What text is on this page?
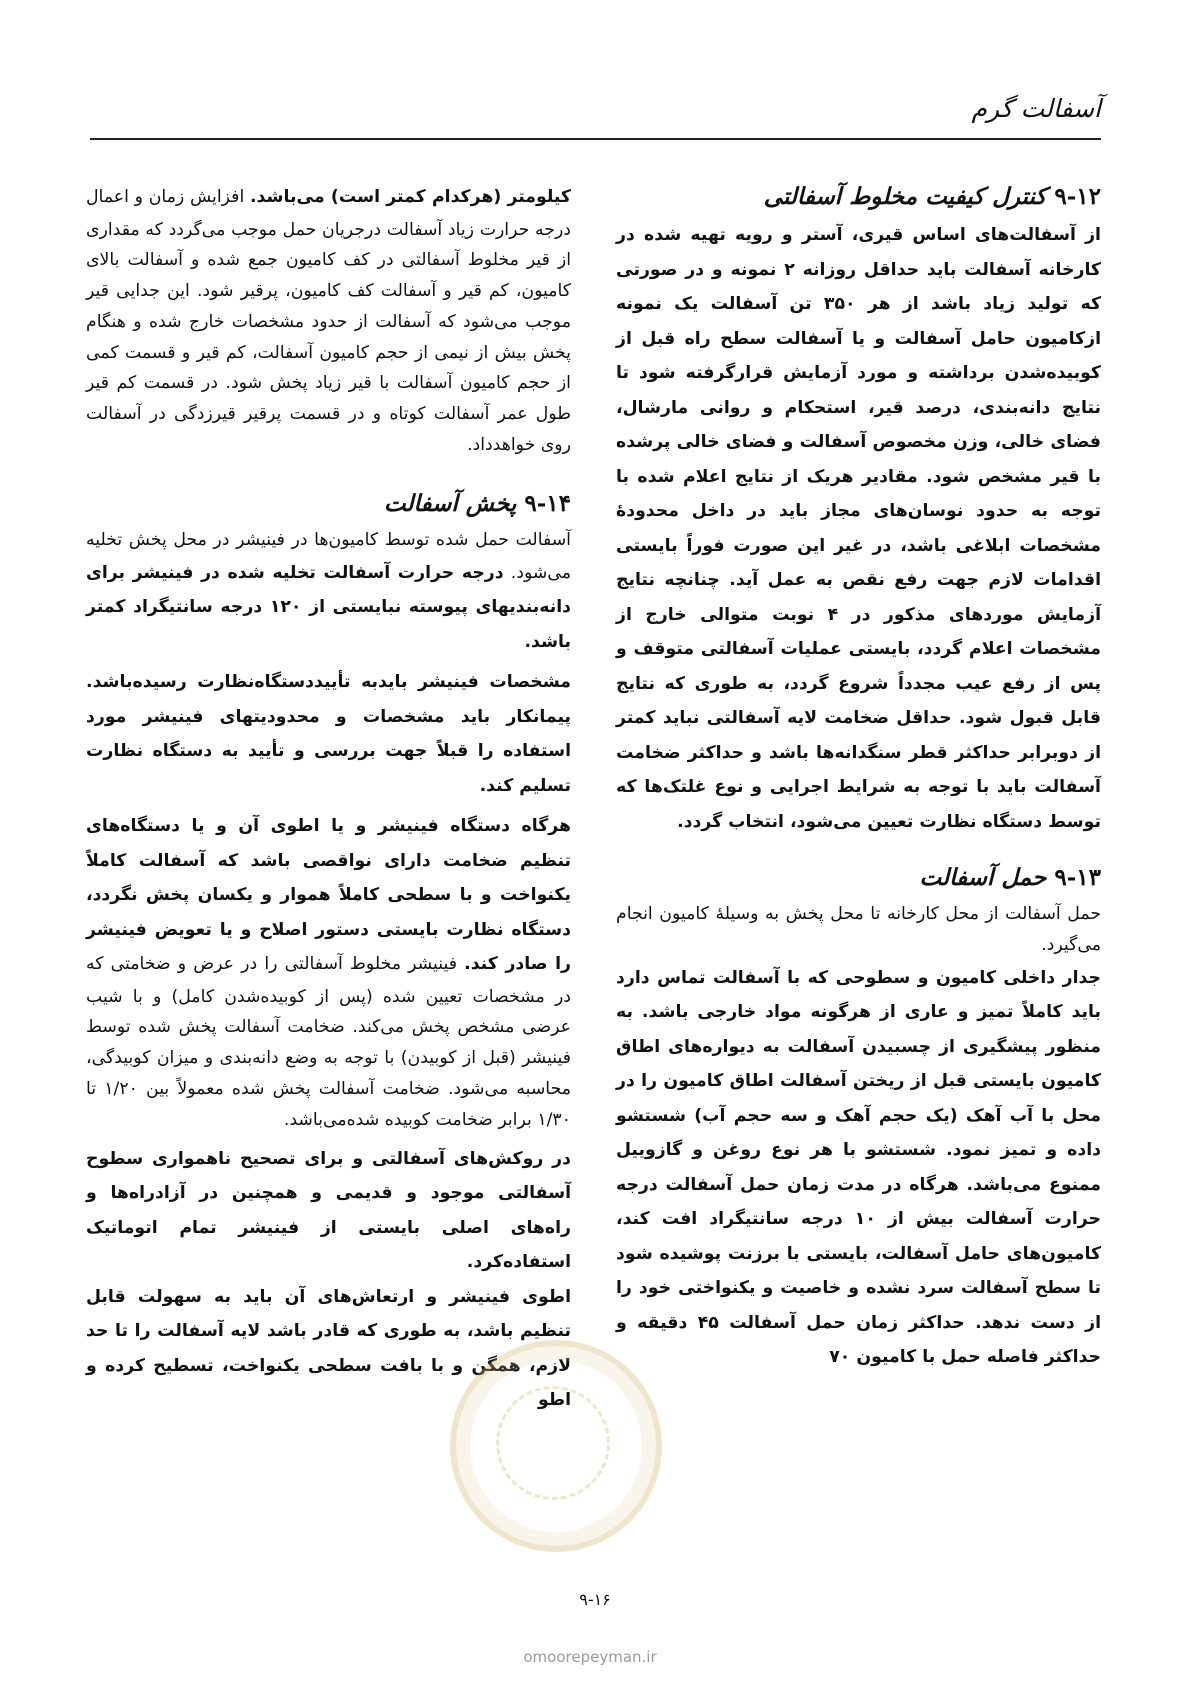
آسفالت گرم
۹-۱۲ کنترل کیفیت مخلوط آسفالتی

از آسفالت‌های اساس قیری، آستر و رویه تهیه شده در کارخانه آسفالت باید حداقل روزانه ۲ نمونه و در صورتی که تولید زیاد باشد از هر ۳۵۰ تن آسفالت یک نمونه ازکامیون حامل آسفالت و یا آسفالت سطح راه قبل از کوبیده‌شدن برداشته و مورد آزمایش قرارگرفته شود تا نتایج دانه‌بندی، درصد قیر، استحکام و روانی مارشال، فضای خالی، وزن مخصوص آسفالت و فضای خالی پرشده با قیر مشخص شود. مقادیر هریک از نتایج اعلام شده با توجه به حدود نوسان‌های مجاز باید در داخل محدودهٔ مشخصات ابلاغی باشد، در غیر این صورت فوراً بایستی اقدامات لازم جهت رفع نقص به عمل آید. چنانچه نتایج آزمایش موردهای مذکور در ۴ نوبت متوالی خارج از مشخصات اعلام گردد، بایستی عملیات آسفالتی متوقف و پس از رفع عیب مجدداً شروع گردد، به طوری که نتایج قابل قبول شود. حداقل ضخامت لایه آسفالتی نباید کمتر از دوبرابر حداکثر قطر سنگدانه‌ها باشد و حداکثر ضخامت آسفالت باید با توجه به شرایط اجرایی و نوع غلتک‌ها که توسط دستگاه نظارت تعیین می‌شود، انتخاب گردد.

۹-۱۳ حمل آسفالت

حمل آسفالت از محل کارخانه تا محل پخش به وسیلهٔ کامیون انجام می‌گیرد.

جدار داخلی کامیون و سطوحی که با آسفالت تماس دارد باید کاملاً تمیز و عاری از هرگونه مواد خارجی باشد. به منظور پیشگیری از چسبیدن آسفالت به دیواره‌های اطاق کامیون بایستی قبل از ریختن آسفالت اطاق کامیون را در محل با آب آهک (یک حجم آهک و سه حجم آب) شستشو داده و تمیز نمود. شستشو با هر نوع روغن و گازوییل ممنوع می‌باشد. هرگاه در مدت زمان حمل آسفالت درجه حرارت آسفالت بیش از ۱۰ درجه سانتیگراد افت کند، کامیون‌های حامل آسفالت، بایستی با برزنت پوشیده شود تا سطح آسفالت سرد نشده و خاصیت و یکنواختی خود را از دست ندهد. حداکثر زمان حمل آسفالت ۴۵ دقیقه و حداکثر فاصله حمل با کامیون ۷۰

کیلومتر (هرکدام کمتر است) می‌باشد. افزایش زمان و اعمال درجه حرارت زیاد آسفالت درجریان حمل موجب می‌گردد که مقداری از قیر مخلوط آسفالتی در کف کامیون جمع شده و آسفالت بالای کامیون، کم قیر و آسفالت کف کامیون، پرقیر شود. این جدایی قیر موجب می‌شود که آسفالت از حدود مشخصات خارج شده و هنگام پخش بیش از نیمی از حجم کامیون آسفالت، کم قیر و قسمت کمی از حجم کامیون آسفالت با قیر زیاد پخش شود. در قسمت کم قیر طول عمر آسفالت کوتاه و در قسمت پرقیر قیرزدگی در آسفالت روی خواهدداد.

۹-۱۴ پخش آسفالت

آسفالت حمل شده توسط کامیون‌ها در فینیشر در محل پخش تخلیه می‌شود. درجه حرارت آسفالت تخلیه شده در فینیشر برای دانه‌بندیهای پیوسته نبایستی از ۱۲۰ درجه سانتیگراد کمتر باشد.

مشخصات فینیشر بایدبه تأییددستگاه‌نظارت رسیده‌باشد. پیمانکار باید مشخصات و محدودیتهای فینیشر مورد استفاده را قبلاً جهت بررسی و تأیید به دستگاه نظارت تسلیم کند.

هرگاه دستگاه فینیشر و یا اطوی آن و یا دستگاه‌های تنظیم ضخامت دارای نواقصی باشد که آسفالت کاملاً یکنواخت و با سطحی کاملاً هموار و یکسان پخش نگردد، دستگاه نظارت بایستی دستور اصلاح و یا تعویض فینیشر را صادر کند. فینیشر مخلوط آسفالتی را در عرض و ضخامتی که در مشخصات تعیین شده (پس از کوبیده‌شدن کامل) و با شیب عرضی مشخص پخش می‌کند. ضخامت آسفالت پخش شده توسط فینیشر (قبل از کوبیدن) با توجه به وضع دانه‌بندی و میزان کوبیدگی، محاسبه می‌شود. ضخامت آسفالت پخش شده معمولاً بین ۱/۲۰ تا ۱/۳۰ برابر ضخامت کوبیده شده‌می‌باشد.

در روکش‌های آسفالتی و برای تصحیح ناهمواری سطوح آسفالتی موجود و قدیمی و همچنین در آزادراه‌ها و راه‌های اصلی بایستی از فینیشر تمام اتوماتیک استفاده‌کرد.

اطوی فینیشر و ارتعاش‌های آن باید به سهولت قابل تنظیم باشد، به طوری که قادر باشد لایه آسفالت را تا حد لازم، همگن و با بافت سطحی یکنواخت، تسطیح کرده و اطو

۹-۱۶
omoorepeyman.ir
